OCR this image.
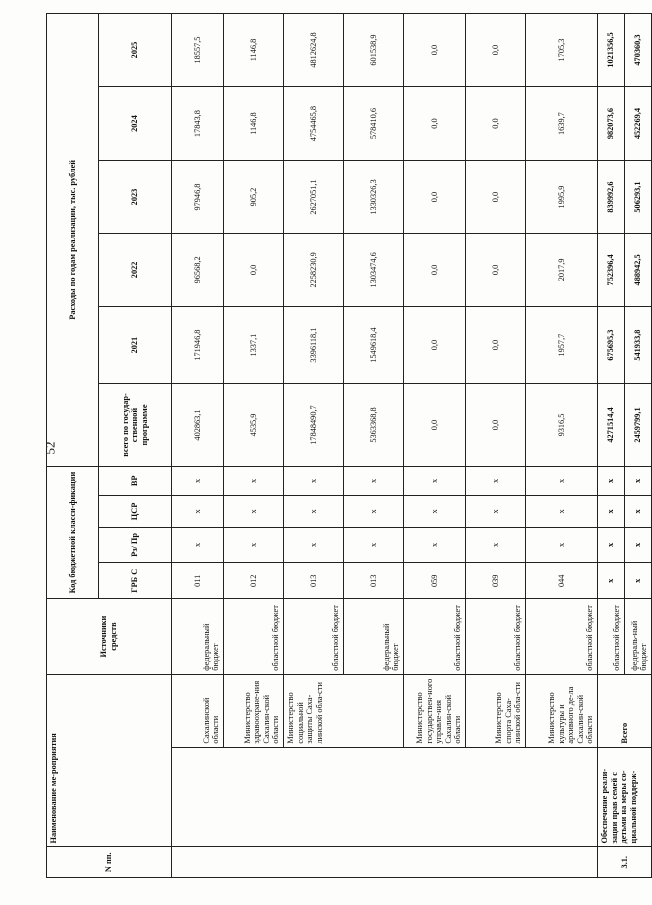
52
N пп.	Наименование ме-роприятия		Источники средств	Код бюджетной класси-фикации				Расходы по годам реализации, тыс. рублей					
				ГРБ С	Рз/ Пр	ЦСР	ВР	всего по государ-ственной программе	2021	2022	2023	2024	2025
		Сахалинской области	федеральный бюджет	011	x	x	x	402863,1	171946,8	96568,2	97946,8	17843,8	18557,5
		Министерство здравоохране-ния Сахалин-ской области	областной бюджет	012	x	x	x	4535,9	1337,1	0,0	905,2	1146,8	1146,8
		Министерство социальной защиты Саха-линской обла-сти	областной бюджет	013	x	x	x	17848490,7	3396118,1	2258230,9	2627051,1	4754465,8	4812624,8
			федеральный бюджет	013	x	x	x	5363368,8	1549618,4	1303474,6	1330326,3	578410,6	601538,9
		Министерство государствен-ного управле-ния Сахалин-ской области	областной бюджет	059	x	x	x	0,0	0,0	0,0	0,0	0,0	0,0
		Министерство спорта Саха-линской обла-сти	областной бюджет	039	x	x	x	0,0	0,0	0,0	0,0	0,0	0,0
		Министерство культуры и архивного де-ла Сахалин-ской области	областной бюджет	044	x	x	x	9316,5	1957,7	2017,9	1995,9	1639,7	1705,3
3.1.	Обеспечение реали-зации прав семей с детьми на меры со-циальной поддерж-	Всего	областной бюджет	x	x	x	x	4271514,4	675695,3	752396,4	839992,6	982073,6	1021356,5
			федераль-ный бюджет	x	x	x	x	2459799,1	541933,8	488942,5	506293,1	452269,4	470360,3
